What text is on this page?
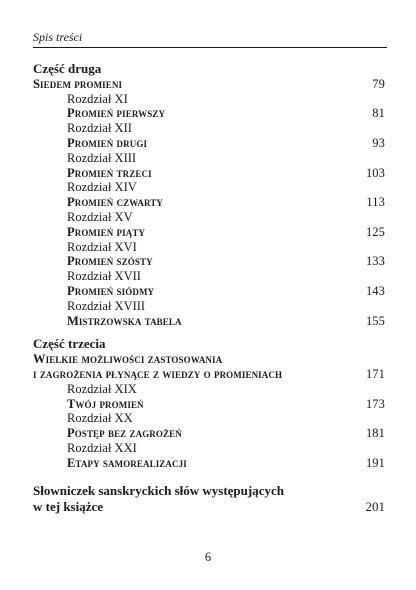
Spis treści
Część druga
Siedem promieni	79
Rozdział XI
Promień pierwszy	81
Rozdział XII
Promień drugi	93
Rozdział XIII
Promień trzeci	103
Rozdział XIV
Promień czwarty	113
Rozdział XV
Promień piąty	125
Rozdział XVI
Promień szósty	133
Rozdział XVII
Promień siódmy	143
Rozdział XVIII
Mistrzowska tabela	155
Część trzecia
Wielkie możliwości zastosowania
i zagrożenia płynące z wiedzy o promieniach	171
Rozdział XIX
Twój promień	173
Rozdział XX
Postęp bez zagrożeń	181
Rozdział XXI
Etapy samorealizacji	191
Słowniczek sanskryckich słów występujących
w tej książce	201
6
